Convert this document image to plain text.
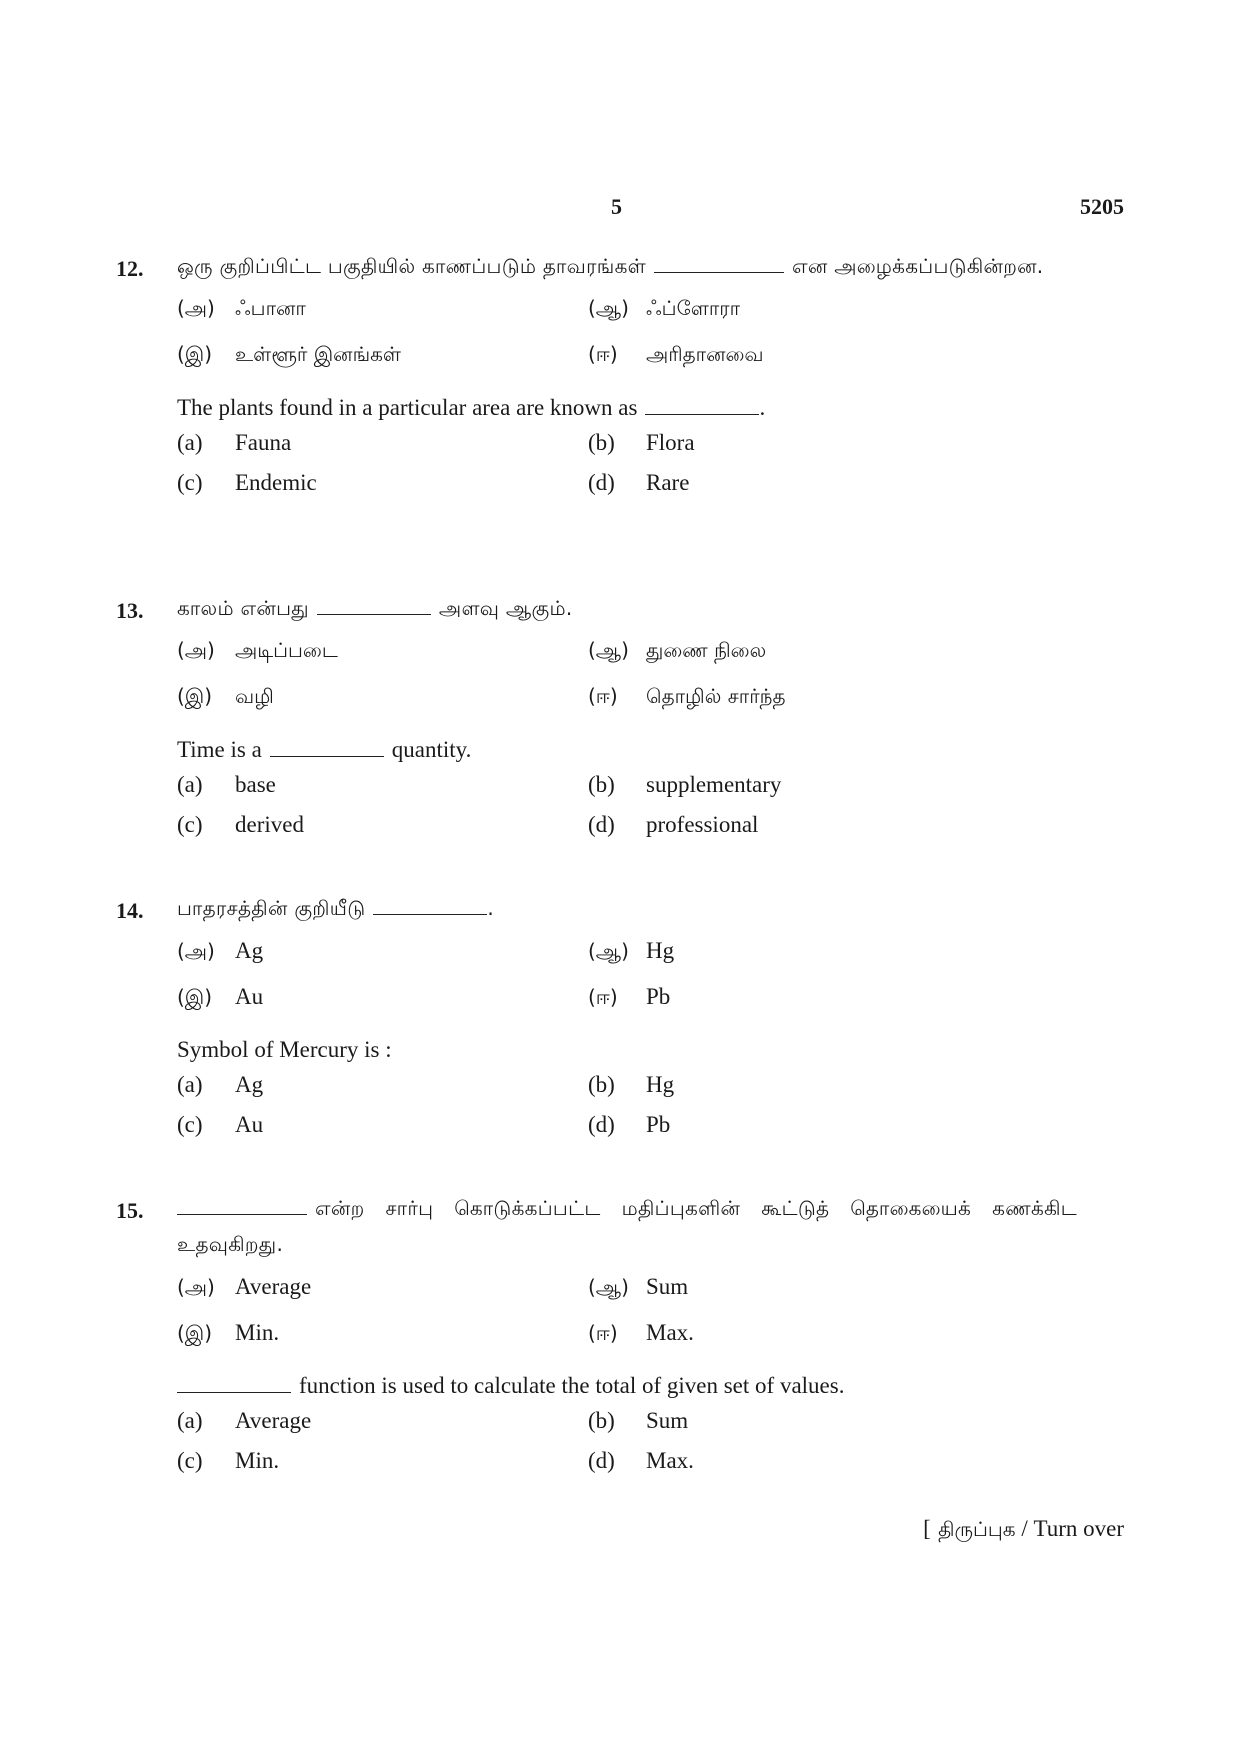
5	5205
12. ஒரு குறிப்பிட்ட பகுதியில் காணப்படும் தாவரங்கள்	என அழைக்கப்படுகின்றன.
(அ)	ஃபானா	(ஆ) ஃப்ளோரா
(இ)	உள்ளூர் இனங்கள்	(ஈ)	அரிதானவை
The plants found in a particular area are known as	.
(a)	Fauna	(b)	Flora
(c)	Endemic	(d)	Rare
13. காலம் என்பது	அளவு ஆகும்.
(அ)	அடிப்படை	(ஆ) துணை நிலை
(இ)	வழி	(ஈ)	தொழில் சார்ந்த
Time is a	quantity.
(a)	base	(b)	supplementary
(c)	derived	(d)	professional
14. பாதரசத்தின் குறியீடு	.
(அ) Ag	(ஆ) Hg
(இ) Au	(ஈ)	Pb
Symbol of Mercury is :
(a)	Ag	(b)	Hg
(c)	Au	(d)	Pb
15.	என்ற சார்பு கொடுக்கப்பட்ட மதிப்புகளின் கூட்டுத் தொகையைக் கணக்கிட உதவுகிறது.
(அ) Average	(ஆ) Sum
(இ) Min.	(ஈ)	Max.
function is used to calculate the total of given set of values.
(a)	Average	(b)	Sum
(c)	Min.	(d)	Max.
[ திருப்புக / Turn over
